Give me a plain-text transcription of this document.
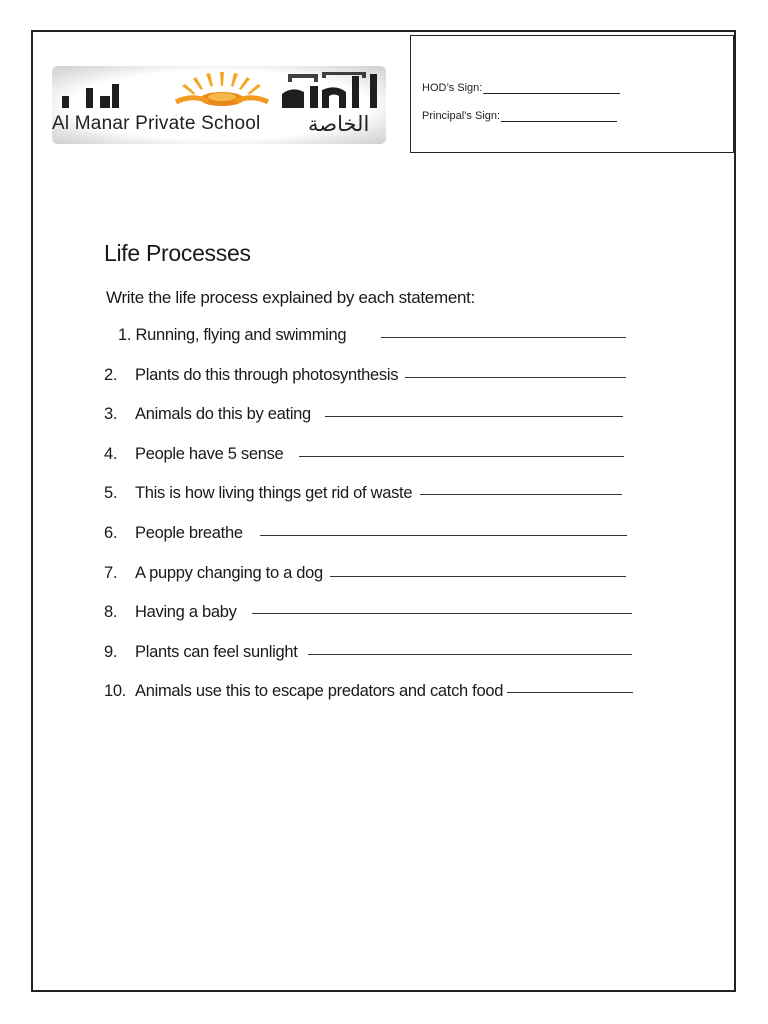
Al Manar Private School الخاصة
HOD’s Sign:
Principal’s Sign:
Life Processes
Write the life process explained by each statement:
1. Running, flying and swimming
2. Plants do this through photosynthesis
3. Animals do this by eating
4. People have 5 sense
5. This is how living things get rid of waste
6. People breathe
7. A puppy changing to a dog
8. Having a baby
9. Plants can feel sunlight
10. Animals use this to escape predators and catch food
